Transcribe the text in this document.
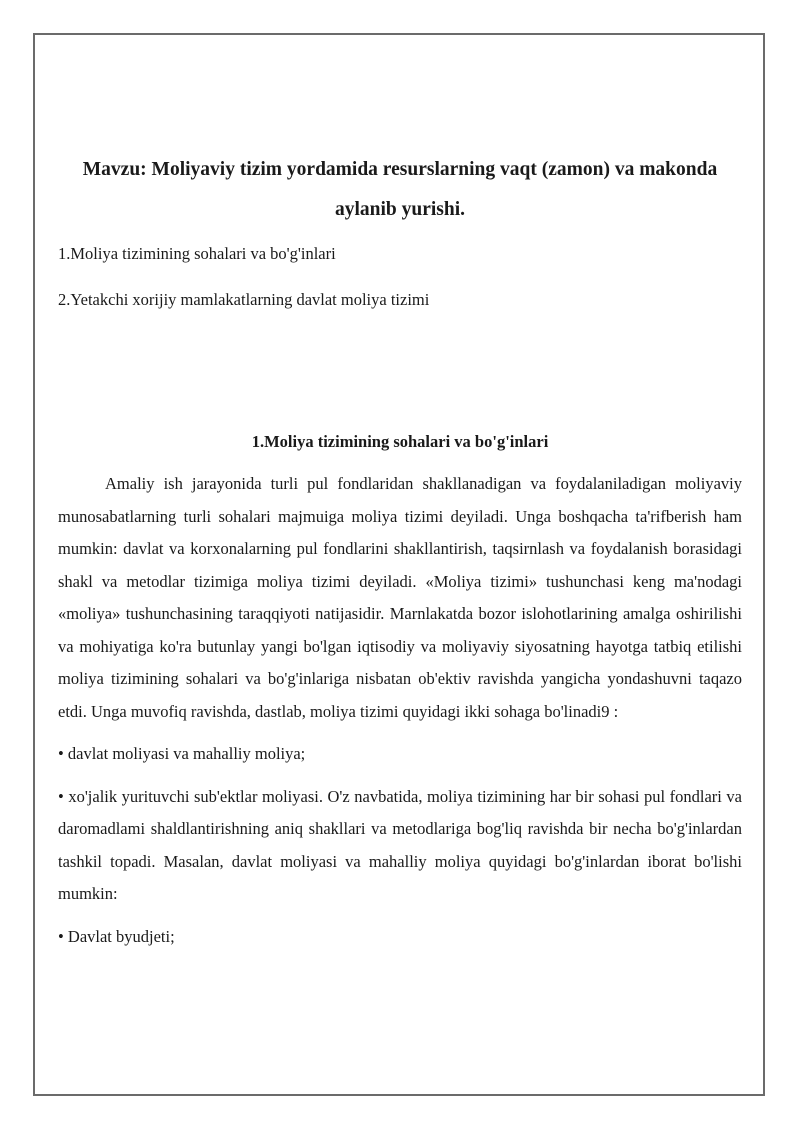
Mavzu: Moliyaviy tizim yordamida resurslarning vaqt (zamon) va makonda aylanib yurishi.

1.Moliya tizimining sohalari va bo'g'inlari

2.Yetakchi xorijiy mamlakatlarning davlat moliya tizimi

1.Moliya tizimining sohalari va bo'g'inlari

Amaliy ish jarayonida turli pul fondlaridan shakllanadigan va foydalaniladigan moliyaviy munosabatlarning turli sohalari majmuiga moliya tizimi deyiladi. Unga boshqacha ta'rifberish ham mumkin: davlat va korxonalarning pul fondlarini shakllantirish, taqsirnlash va foydalanish borasidagi shakl va metodlar tizimiga moliya tizimi deyiladi. «Moliya tizimi» tushunchasi keng ma'nodagi «moliya» tushunchasining taraqqiyoti natijasidir. Marnlakatda bozor islohotlarining amalga oshirilishi va mohiyatiga ko'ra butunlay yangi bo'lgan iqtisodiy va moliyaviy siyosatning hayotga tatbiq etilishi moliya tizimining sohalari va bo'g'inlariga nisbatan ob'ektiv ravishda yangicha yondashuvni taqazo etdi. Unga muvofiq ravishda, dastlab, moliya tizimi quyidagi ikki sohaga bo'linadi9 :

• davlat moliyasi va mahalliy moliya;

• xo'jalik yurituvchi sub'ektlar moliyasi. O'z navbatida, moliya tizimining har bir sohasi pul fondlari va daromadlami shaldlantirishning aniq shakllari va metodlariga bog'liq ravishda bir necha bo'g'inlardan tashkil topadi. Masalan, davlat moliyasi va mahalliy moliya quyidagi bo'g'inlardan iborat bo'lishi mumkin:

• Davlat byudjeti;
